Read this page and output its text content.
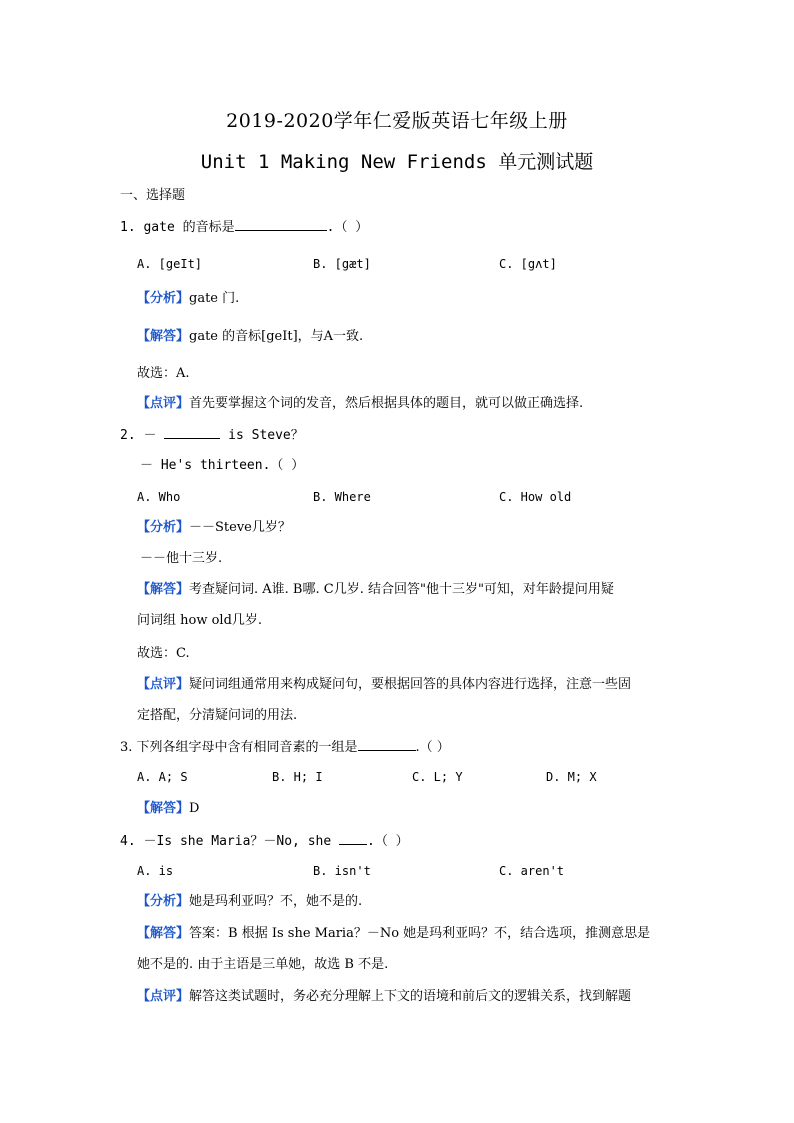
2019-2020学年仁爱版英语七年级上册
Unit 1 Making New Friends 单元测试题
一、选择题
1. gate 的音标是	.（ ）
A. [geIt]	B. [gæt]	C. [gʌt]
【分析】gate 门.
【解答】gate 的音标[geIt]，与A一致.
故选：A.
【点评】首先要掌握这个词的发音，然后根据具体的题目，就可以做正确选择.
2. －	is Steve？
－ He's thirteen.（ ）
A. Who	B. Where	C. How old
【分析】－－Steve几岁？
－－他十三岁.
【解答】考查疑问词. A谁. B哪. C几岁. 结合回答"他十三岁"可知，对年龄提问用疑
问词组 how old几岁.
故选：C.
【点评】疑问词组通常用来构成疑问句，要根据回答的具体内容进行选择，注意一些固
定搭配，分清疑问词的用法.
3. 下列各组字母中含有相同音素的一组是	.（ ）
A. A; S	B. H; I	C. L; Y	D. M; X
【解答】D
4. －Is she Maria？－No, she	.（ ）
A. is	B. isn't	C. aren't
【分析】她是玛利亚吗？不，她不是的.
【解答】答案：B 根据 Is she Maria？－No 她是玛利亚吗？不，结合选项，推测意思是
她不是的. 由于主语是三单她，故选 B 不是.
【点评】解答这类试题时，务必充分理解上下文的语境和前后文的逻辑关系，找到解题
